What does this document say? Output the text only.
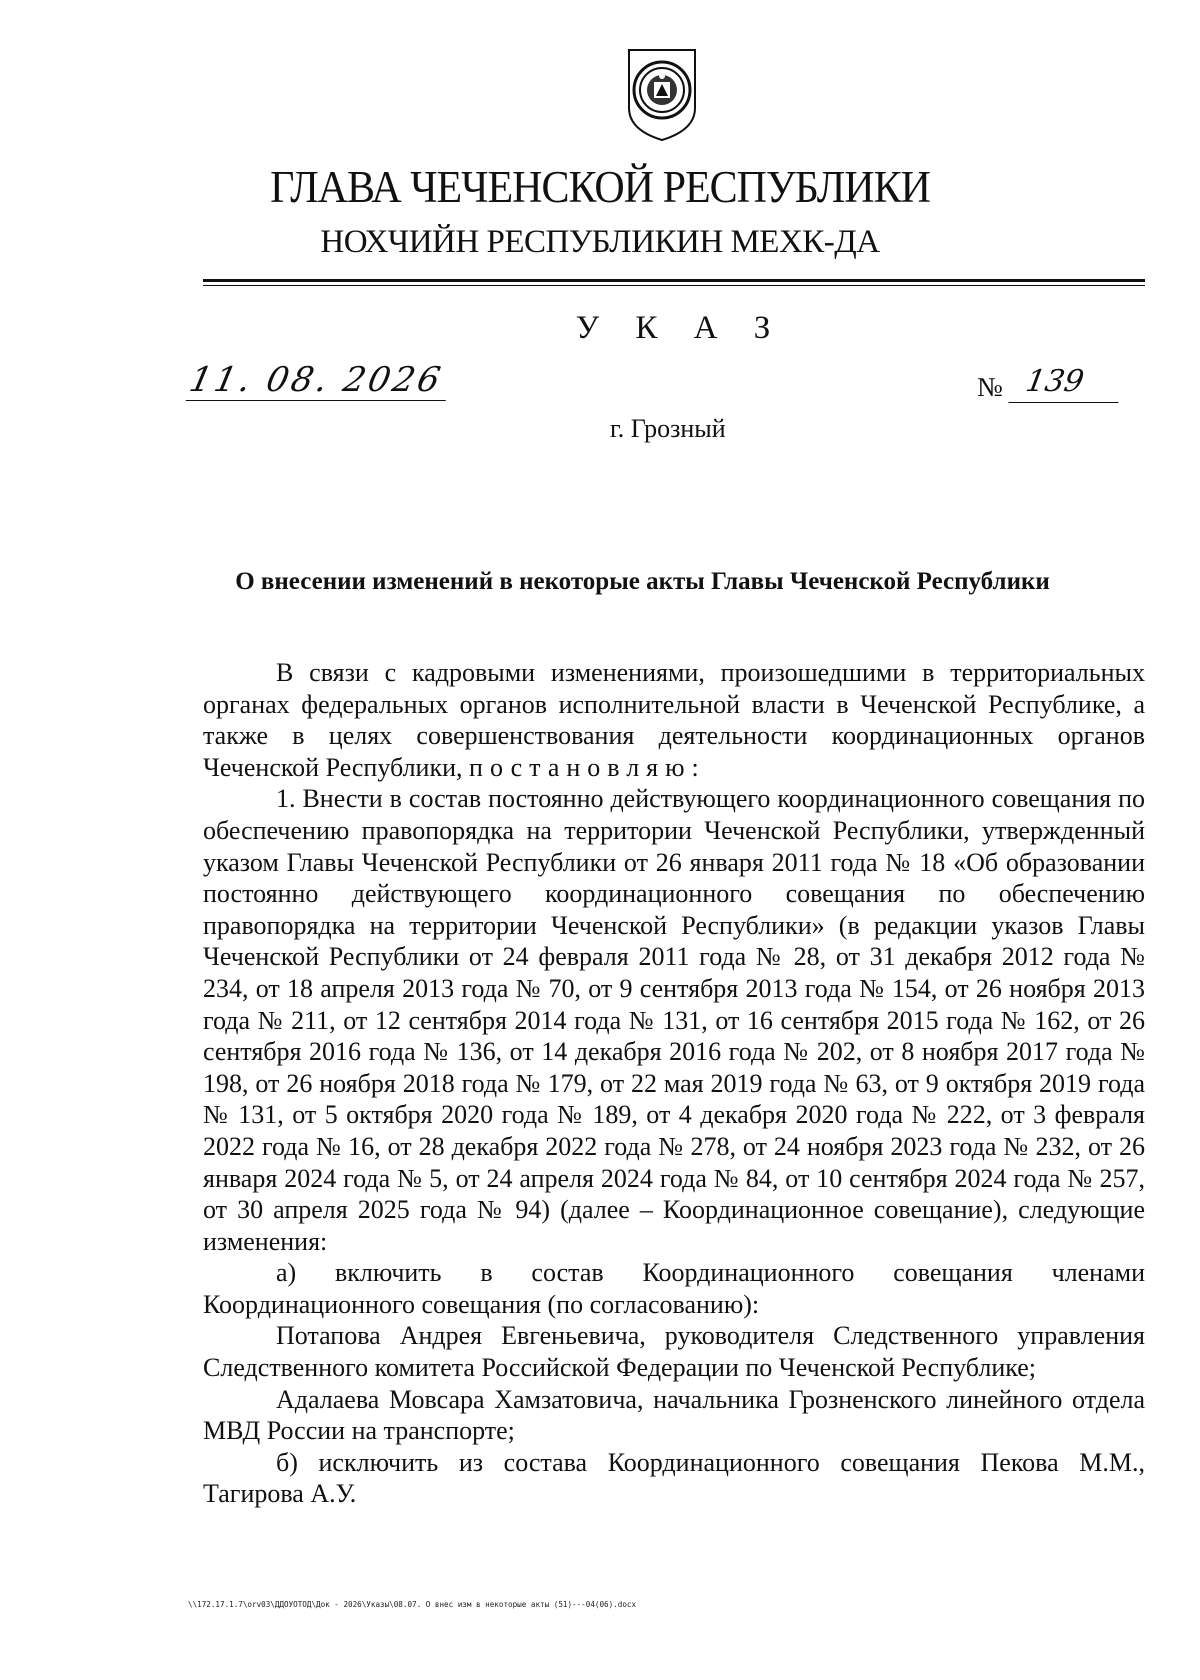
ГЛАВА ЧЕЧЕНСКОЙ РЕСПУБЛИКИ
НОХЧИЙН РЕСПУБЛИКИН МЕХК-ДА
У К А З
11. 08. 2026	№ 139
г. Грозный
О внесении изменений в некоторые акты Главы Чеченской Республики

В связи с кадровыми изменениями, произошедшими в территориальных органах федеральных органов исполнительной власти в Чеченской Республике, а также в целях совершенствования деятельности координационных органов Чеченской Республики, постановляю:

1. Внести в состав постоянно действующего координационного совещания по обеспечению правопорядка на территории Чеченской Республики, утвержденный указом Главы Чеченской Республики от 26 января 2011 года № 18 «Об образовании постоянно действующего координационного совещания по обеспечению правопорядка на территории Чеченской Республики» (в редакции указов Главы Чеченской Республики от 24 февраля 2011 года № 28, от 31 декабря 2012 года № 234, от 18 апреля 2013 года № 70, от 9 сентября 2013 года № 154, от 26 ноября 2013 года № 211, от 12 сентября 2014 года № 131, от 16 сентября 2015 года № 162, от 26 сентября 2016 года № 136, от 14 декабря 2016 года № 202, от 8 ноября 2017 года № 198, от 26 ноября 2018 года № 179, от 22 мая 2019 года № 63, от 9 октября 2019 года № 131, от 5 октября 2020 года № 189, от 4 декабря 2020 года № 222, от 3 февраля 2022 года № 16, от 28 декабря 2022 года № 278, от 24 ноября 2023 года № 232, от 26 января 2024 года № 5, от 24 апреля 2024 года № 84, от 10 сентября 2024 года № 257, от 30 апреля 2025 года № 94) (далее – Координационное совещание), следующие изменения:

а) включить в состав Координационного совещания членами Координационного совещания (по согласованию):

Потапова Андрея Евгеньевича, руководителя Следственного управления Следственного комитета Российской Федерации по Чеченской Республике;

Адалаева Мовсара Хамзатовича, начальника Грозненского линейного отдела МВД России на транспорте;

б) исключить из состава Координационного совещания Пекова М.М., Тагирова А.У.

\\172.17.1.7\orv03\ДДОУОТОД\Док - 2026\Указы\08.07. О внес изм в некоторые акты (51)---04(06).docx
